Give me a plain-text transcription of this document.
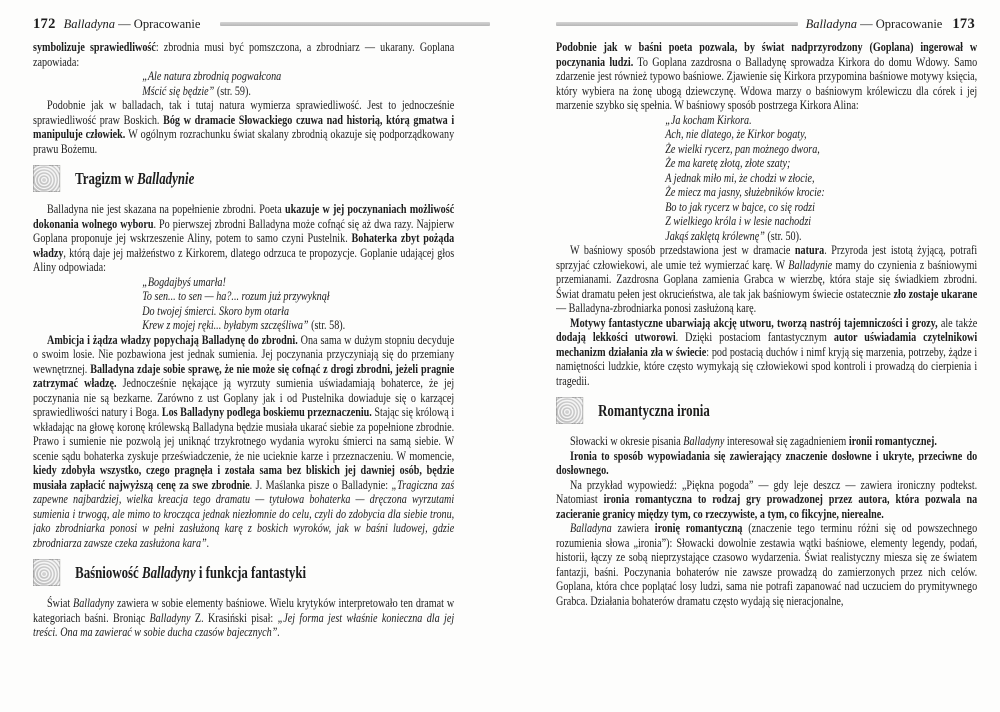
172 Balladyna — Opracowanie

symbolizuje sprawiedliwość: zbrodnia musi być pomszczona, a zbrodniarz — ukarany. Goplana zapowiada:

„Ale natura zbrodnią pogwałcona
Mścić się będzie” (str. 59).

Podobnie jak w balladach, tak i tutaj natura wymierza sprawiedliwość. Jest to jednocześnie sprawiedliwość praw Boskich. Bóg w dramacie Słowackiego czuwa nad historią, którą gmatwa i manipuluje człowiek. W ogólnym rozrachunku świat skalany zbrodnią okazuje się podporządkowany prawu Bożemu.

Tragizm w Balladynie

Balladyna nie jest skazana na popełnienie zbrodni. Poeta ukazuje w jej poczynaniach możliwość dokonania wolnego wyboru. Po pierwszej zbrodni Balladyna może cofnąć się aż dwa razy. Najpierw Goplana proponuje jej wskrzeszenie Aliny, potem to samo czyni Pustelnik. Bohaterka zbyt pożąda władzy, którą daje jej małżeństwo z Kirkorem, dlatego odrzuca te propozycje. Goplanie udającej głos Aliny odpowiada:

„Bogdajbyś umarła!
To sen... to sen — ha?... rozum już przywyknął
Do twojej śmierci. Skoro bym otarła
Krew z mojej ręki... byłabym szczęśliwa” (str. 58).

Ambicja i żądza władzy popychają Balladynę do zbrodni. Ona sama w dużym stopniu decyduje o swoim losie. Nie pozbawiona jest jednak sumienia. Jej poczynania przyczyniają się do przemiany wewnętrznej. Balladyna zdaje sobie sprawę, że nie może się cofnąć z drogi zbrodni, jeżeli pragnie zatrzymać władzę. Jednocześnie nękające ją wyrzuty sumienia uświadamiają bohaterce, że jej poczynania nie są bezkarne. Zarówno z ust Goplany jak i od Pustelnika dowiaduje się o karzącej sprawiedliwości natury i Boga. Los Balladyny podlega boskiemu przeznaczeniu. Stając się królową i wkładając na głowę koronę królewską Balladyna będzie musiała ukarać siebie za popełnione zbrodnie. Prawo i sumienie nie pozwolą jej uniknąć trzykrotnego wydania wyroku śmierci na samą siebie. W scenie sądu bohaterka zyskuje przeświadczenie, że nie ucieknie karze i przeznaczeniu. W momencie, kiedy zdobyła wszystko, czego pragnęła i została sama bez bliskich jej dawniej osób, będzie musiała zapłacić najwyższą cenę za swe zbrodnie. J. Maślanka pisze o Balladynie: „Tragiczna zaś zapewne najbardziej, wielka kreacja tego dramatu — tytułowa bohaterka — dręczona wyrzutami sumienia i trwogą, ale mimo to krocząca jednak niezłomnie do celu, czyli do zdobycia dla siebie tronu, jako zbrodniarka ponosi w pełni zasłużoną karę z boskich wyroków, jak w baśni ludowej, gdzie zbrodniarza zawsze czeka zasłużona kara”.

Baśniowość Balladyny i funkcja fantastyki

Świat Balladyny zawiera w sobie elementy baśniowe. Wielu krytyków interpretowało ten dramat w kategoriach baśni. Broniąc Balladyny Z. Krasiński pisał: „Jej forma jest właśnie konieczna dla jej treści. Ona ma zawierać w sobie ducha czasów bajecznych”.

Balladyna — Opracowanie 173

Podobnie jak w baśni poeta pozwala, by świat nadprzyrodzony (Goplana) ingerował w poczynania ludzi. To Goplana zazdrosna o Balladynę sprowadza Kirkora do domu Wdowy. Samo zdarzenie jest również typowo baśniowe. Zjawienie się Kirkora przypomina baśniowe motywy księcia, który wybiera na żonę ubogą dziewczynę. Wdowa marzy o baśniowym królewiczu dla córek i jej marzenie szybko się spełnia. W baśniowy sposób postrzega Kirkora Alina:

„Ja kocham Kirkora.
Ach, nie dlatego, że Kirkor bogaty,
Że wielki rycerz, pan możnego dwora,
Że ma karetę złotą, złote szaty;
A jednak miło mi, że chodzi w złocie,
Że miecz ma jasny, służebników krocie:
Bo to jak rycerz w bajce, co się rodzi
Z wielkiego króla i w lesie nachodzi
Jakąś zaklętą królewnę” (str. 50).

W baśniowy sposób przedstawiona jest w dramacie natura. Przyroda jest istotą żyjącą, potrafi sprzyjać człowiekowi, ale umie też wymierzać karę. W Balladynie mamy do czynienia z baśniowymi przemianami. Zazdrosna Goplana zamienia Grabca w wierzbę, która staje się świadkiem zbrodni. Świat dramatu pełen jest okrucieństwa, ale tak jak baśniowym świecie ostatecznie zło zostaje ukarane — Balladyna-zbrodniarka ponosi zasłużoną karę.

Motywy fantastyczne ubarwiają akcję utworu, tworzą nastrój tajemniczości i grozy, ale także dodają lekkości utworowi. Dzięki postaciom fantastycznym autor uświadamia czytelnikowi mechanizm działania zła w świecie: pod postacią duchów i nimf kryją się marzenia, potrzeby, żądze i namiętności ludzkie, które często wymykają się człowiekowi spod kontroli i prowadzą do cierpienia i tragedii.

Romantyczna ironia

Słowacki w okresie pisania Balladyny interesował się zagadnieniem ironii romantycznej.

Ironia to sposób wypowiadania się zawierający znaczenie dosłowne i ukryte, przeciwne do dosłownego.

Na przykład wypowiedź: „Piękna pogoda” — gdy leje deszcz — zawiera ironiczny podtekst. Natomiast ironia romantyczna to rodzaj gry prowadzonej przez autora, która pozwala na zacieranie granicy między tym, co rzeczywiste, a tym, co fikcyjne, nierealne.

Balladyna zawiera ironię romantyczną (znaczenie tego terminu różni się od powszechnego rozumienia słowa „ironia”): Słowacki dowolnie zestawia wątki baśniowe, elementy legendy, podań, historii, łączy ze sobą nieprzystające czasowo wydarzenia. Świat realistyczny miesza się ze światem fantazji, baśni. Poczynania bohaterów nie zawsze prowadzą do zamierzonych przez nich celów. Goplana, która chce poplątać losy ludzi, sama nie potrafi zapanować nad uczuciem do prymitywnego Grabca. Działania bohaterów dramatu często wydają się nieracjonalne,
